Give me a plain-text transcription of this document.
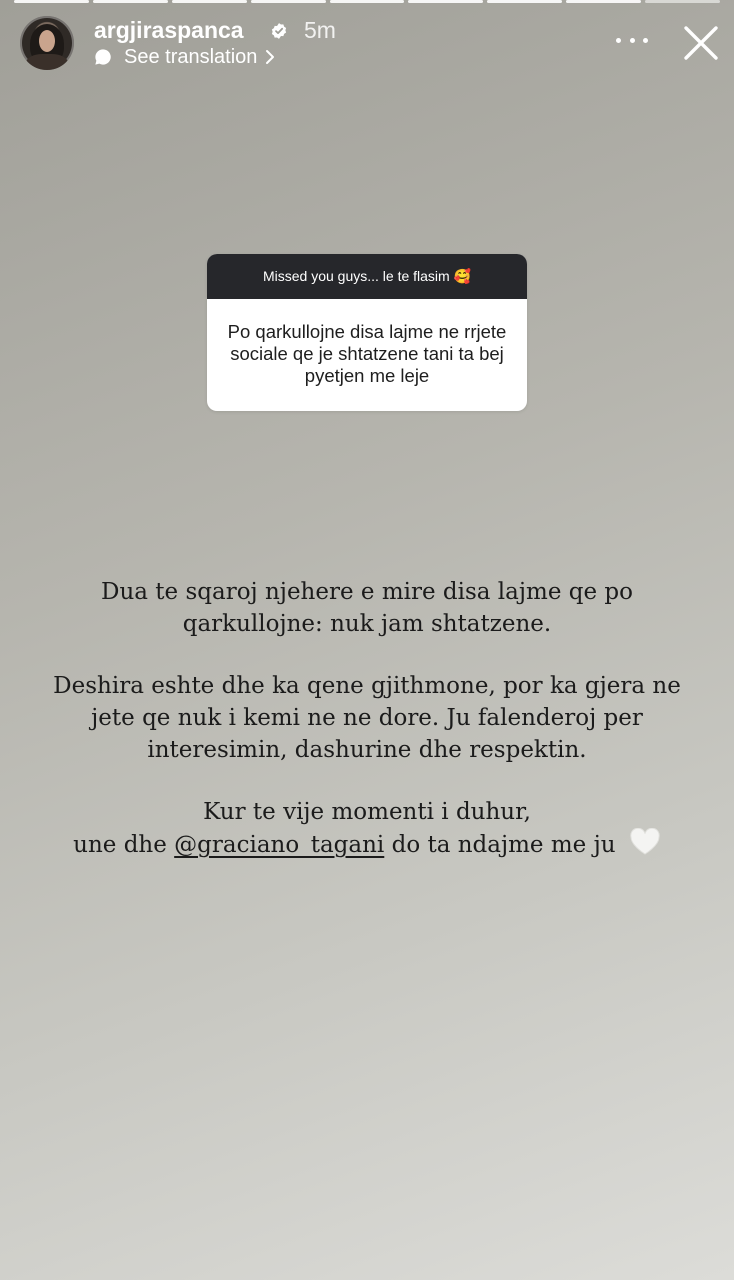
argjiraspanca	5m
See translation
Missed you guys... le te flasim 🥰
Po qarkullojne disa lajme ne rrjete sociale qe je shtatzene tani ta bej pyetjen me leje

Dua te sqaroj njehere e mire disa lajme qe po qarkullojne: nuk jam shtatzene.

Deshira eshte dhe ka qene gjithmone, por ka gjera ne jete qe nuk i kemi ne ne dore. Ju falenderoj per interesimin, dashurine dhe respektin.

Kur te vije momenti i duhur,
une dhe @graciano_tagani do ta ndajme me ju
